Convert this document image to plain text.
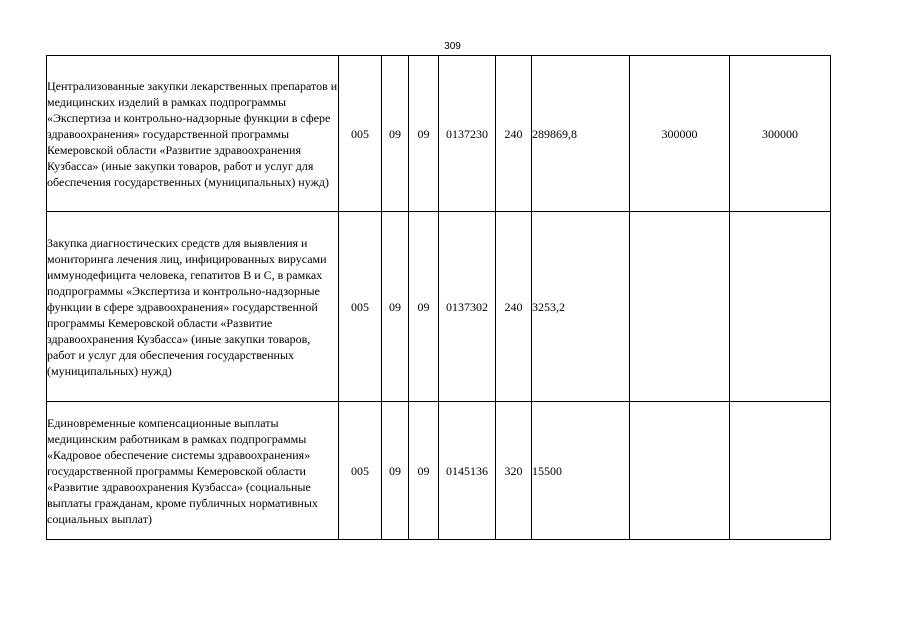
309
Централизованные закупки лекарственных препаратов и медицинских изделий в рамках подпрограммы «Экспертиза и контрольно-надзорные функции в сфере здравоохранения» государственной программы Кемеровской области «Развитие здравоохранения Кузбасса» (иные закупки товаров, работ и услуг для обеспечения государственных (муниципальных) нужд)	005	09	09	0137230	240	289869,8	300000	300000
Закупка диагностических средств для выявления и мониторинга лечения лиц, инфицированных вирусами иммунодефицита человека, гепатитов В и С, в рамках подпрограммы «Экспертиза и контрольно-надзорные функции в сфере здравоохранения» государственной программы Кемеровской области «Развитие здравоохранения Кузбасса» (иные закупки товаров, работ и услуг для обеспечения государственных (муниципальных) нужд)	005	09	09	0137302	240	3253,2		
Единовременные компенсационные выплаты медицинским работникам в рамках подпрограммы «Кадровое обеспечение системы здравоохранения» государственной программы Кемеровской области «Развитие здравоохранения Кузбасса» (социальные выплаты гражданам, кроме публичных нормативных социальных выплат)	005	09	09	0145136	320	15500		
